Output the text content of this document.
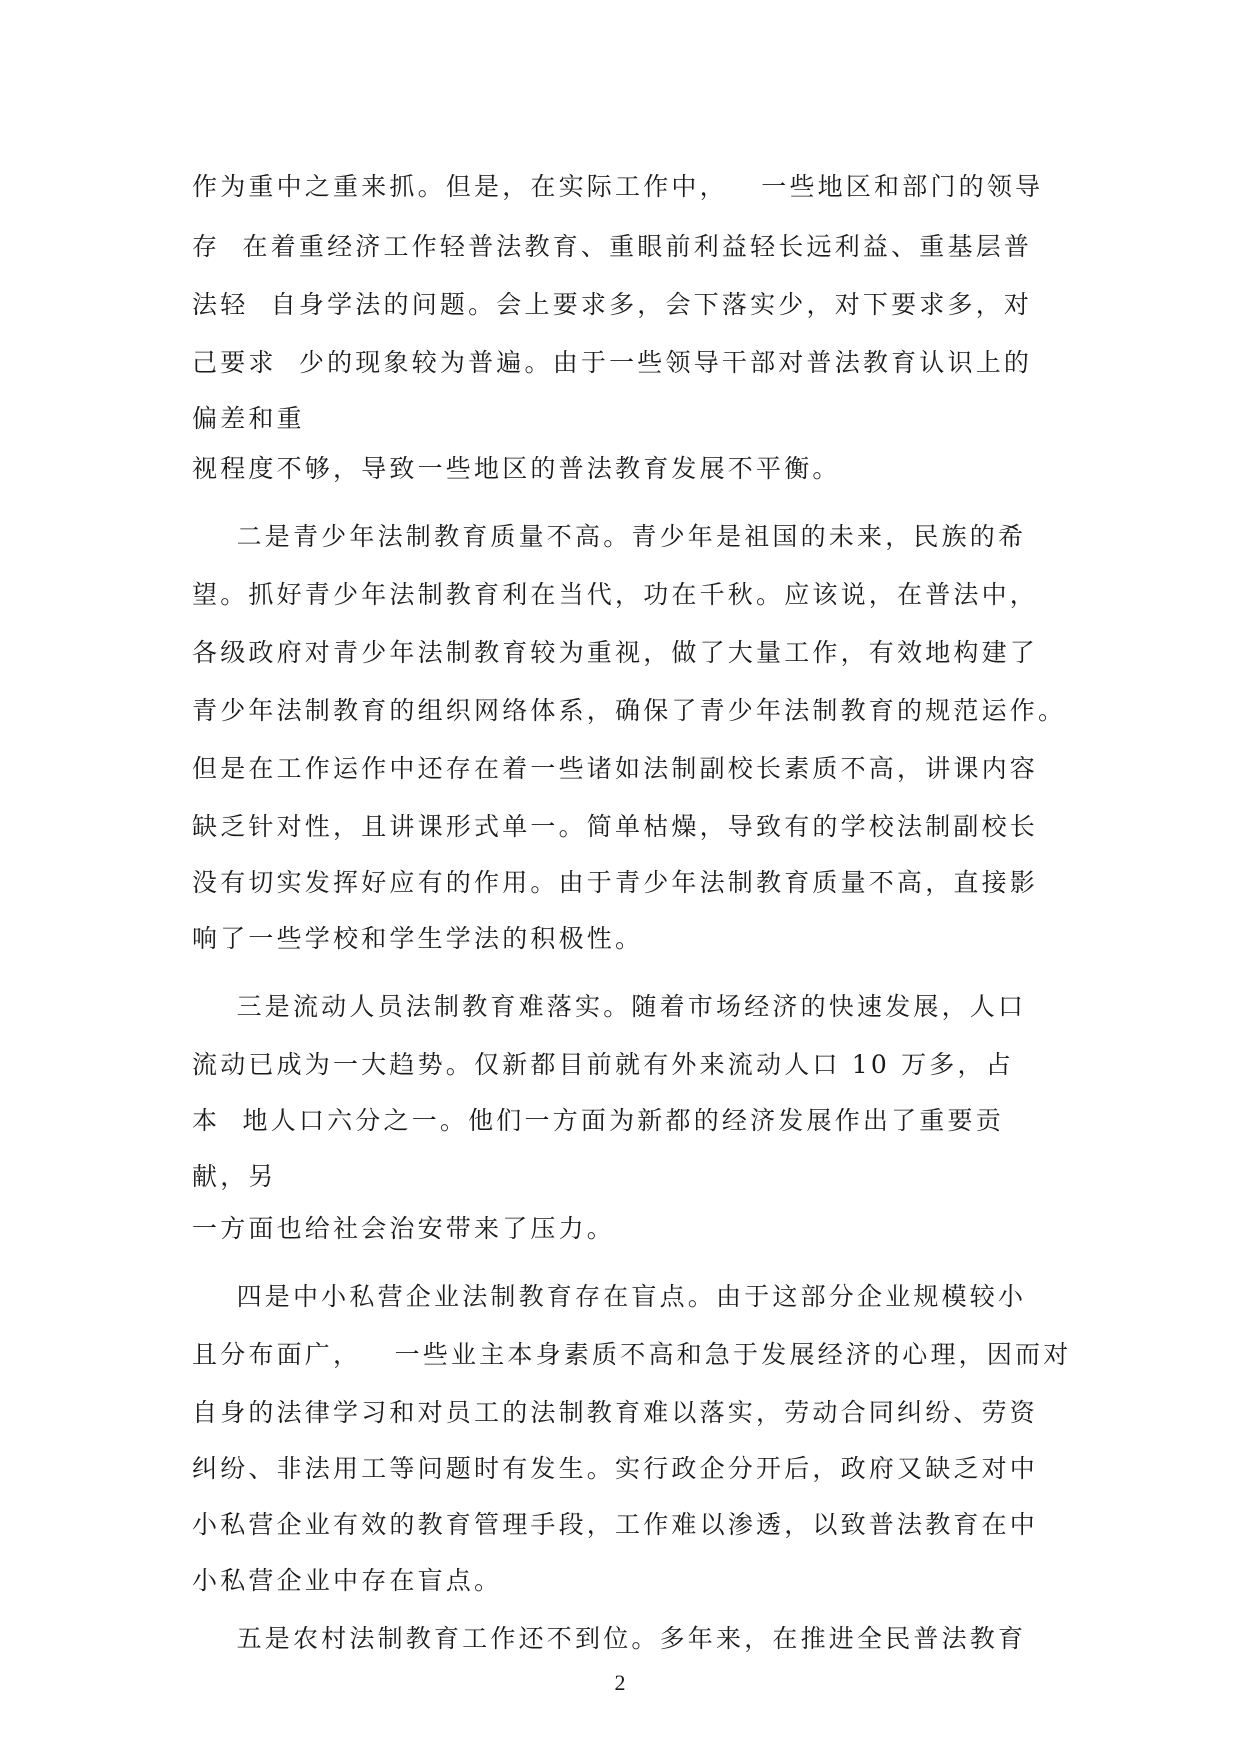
作为重中之重来抓。但是，在实际工作中，   一些地区和部门的领导
存  在着重经济工作轻普法教育、重眼前利益轻长远利益、重基层普
法轻  自身学法的问题。会上要求多，会下落实少，对下要求多，对
己要求  少的现象较为普遍。由于一些领导干部对普法教育认识上的
偏差和重
视程度不够，导致一些地区的普法教育发展不平衡。
二是青少年法制教育质量不高。青少年是祖国的未来，民族的希
望。抓好青少年法制教育利在当代，功在千秋。应该说，在普法中，
各级政府对青少年法制教育较为重视，做了大量工作，有效地构建了
青少年法制教育的组织网络体系，确保了青少年法制教育的规范运作。
但是在工作运作中还存在着一些诸如法制副校长素质不高，讲课内容
缺乏针对性，且讲课形式单一。简单枯燥，导致有的学校法制副校长
没有切实发挥好应有的作用。由于青少年法制教育质量不高，直接影
响了一些学校和学生学法的积极性。
三是流动人员法制教育难落实。随着市场经济的快速发展，人口
流动已成为一大趋势。仅新都目前就有外来流动人口 10 万多，占
本  地人口六分之一。他们一方面为新都的经济发展作出了重要贡
献，另
一方面也给社会治安带来了压力。
四是中小私营企业法制教育存在盲点。由于这部分企业规模较小
且分布面广，   一些业主本身素质不高和急于发展经济的心理，因而对
自身的法律学习和对员工的法制教育难以落实，劳动合同纠纷、劳资
纠纷、非法用工等问题时有发生。实行政企分开后，政府又缺乏对中
小私营企业有效的教育管理手段，工作难以渗透，以致普法教育在中
小私营企业中存在盲点。
五是农村法制教育工作还不到位。多年来，在推进全民普法教育
2
